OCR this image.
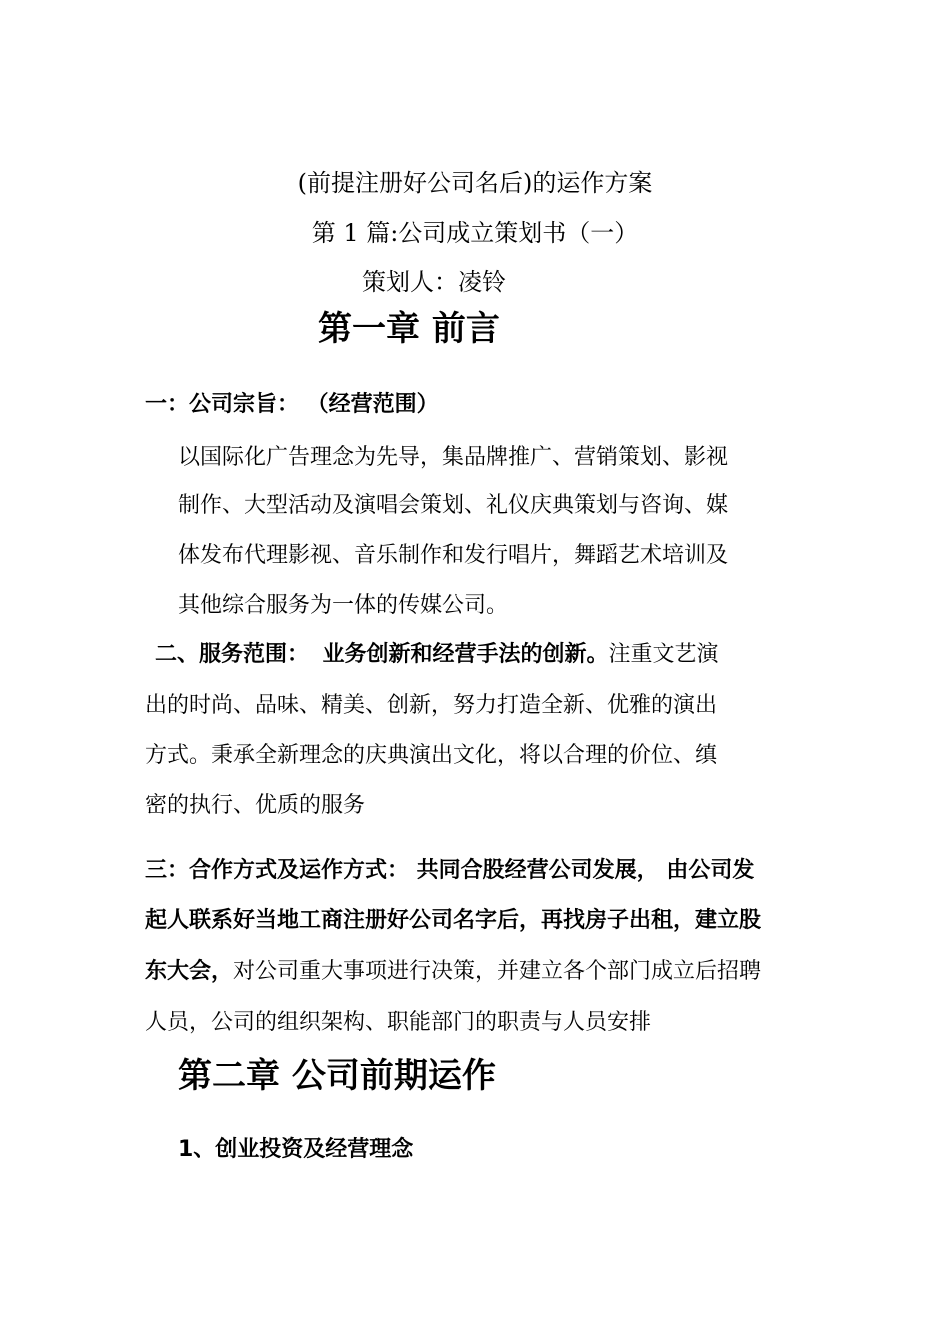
(前提注册好公司名后)的运作方案
第 1 篇:公司成立策划书（一）
策划人：凌铃
第一章 前言
一：公司宗旨： （经营范围）
以国际化广告理念为先导，集品牌推广、营销策划、影视
制作、大型活动及演唱会策划、礼仪庆典策划与咨询、媒
体发布代理影视、音乐制作和发行唱片，舞蹈艺术培训及
其他综合服务为一体的传媒公司。
二、服务范围： 业务创新和经营手法的创新。注重文艺演
出的时尚、品味、精美、创新，努力打造全新、优雅的演出
方式。秉承全新理念的庆典演出文化，将以合理的价位、缜
密的执行、优质的服务
三：合作方式及运作方式： 共同合股经营公司发展， 由公司发
起人联系好当地工商注册好公司名字后，再找房子出租，建立股
东大会，对公司重大事项进行决策，并建立各个部门成立后招聘
人员，公司的组织架构、职能部门的职责与人员安排
第二章 公司前期运作
1、创业投资及经营理念
